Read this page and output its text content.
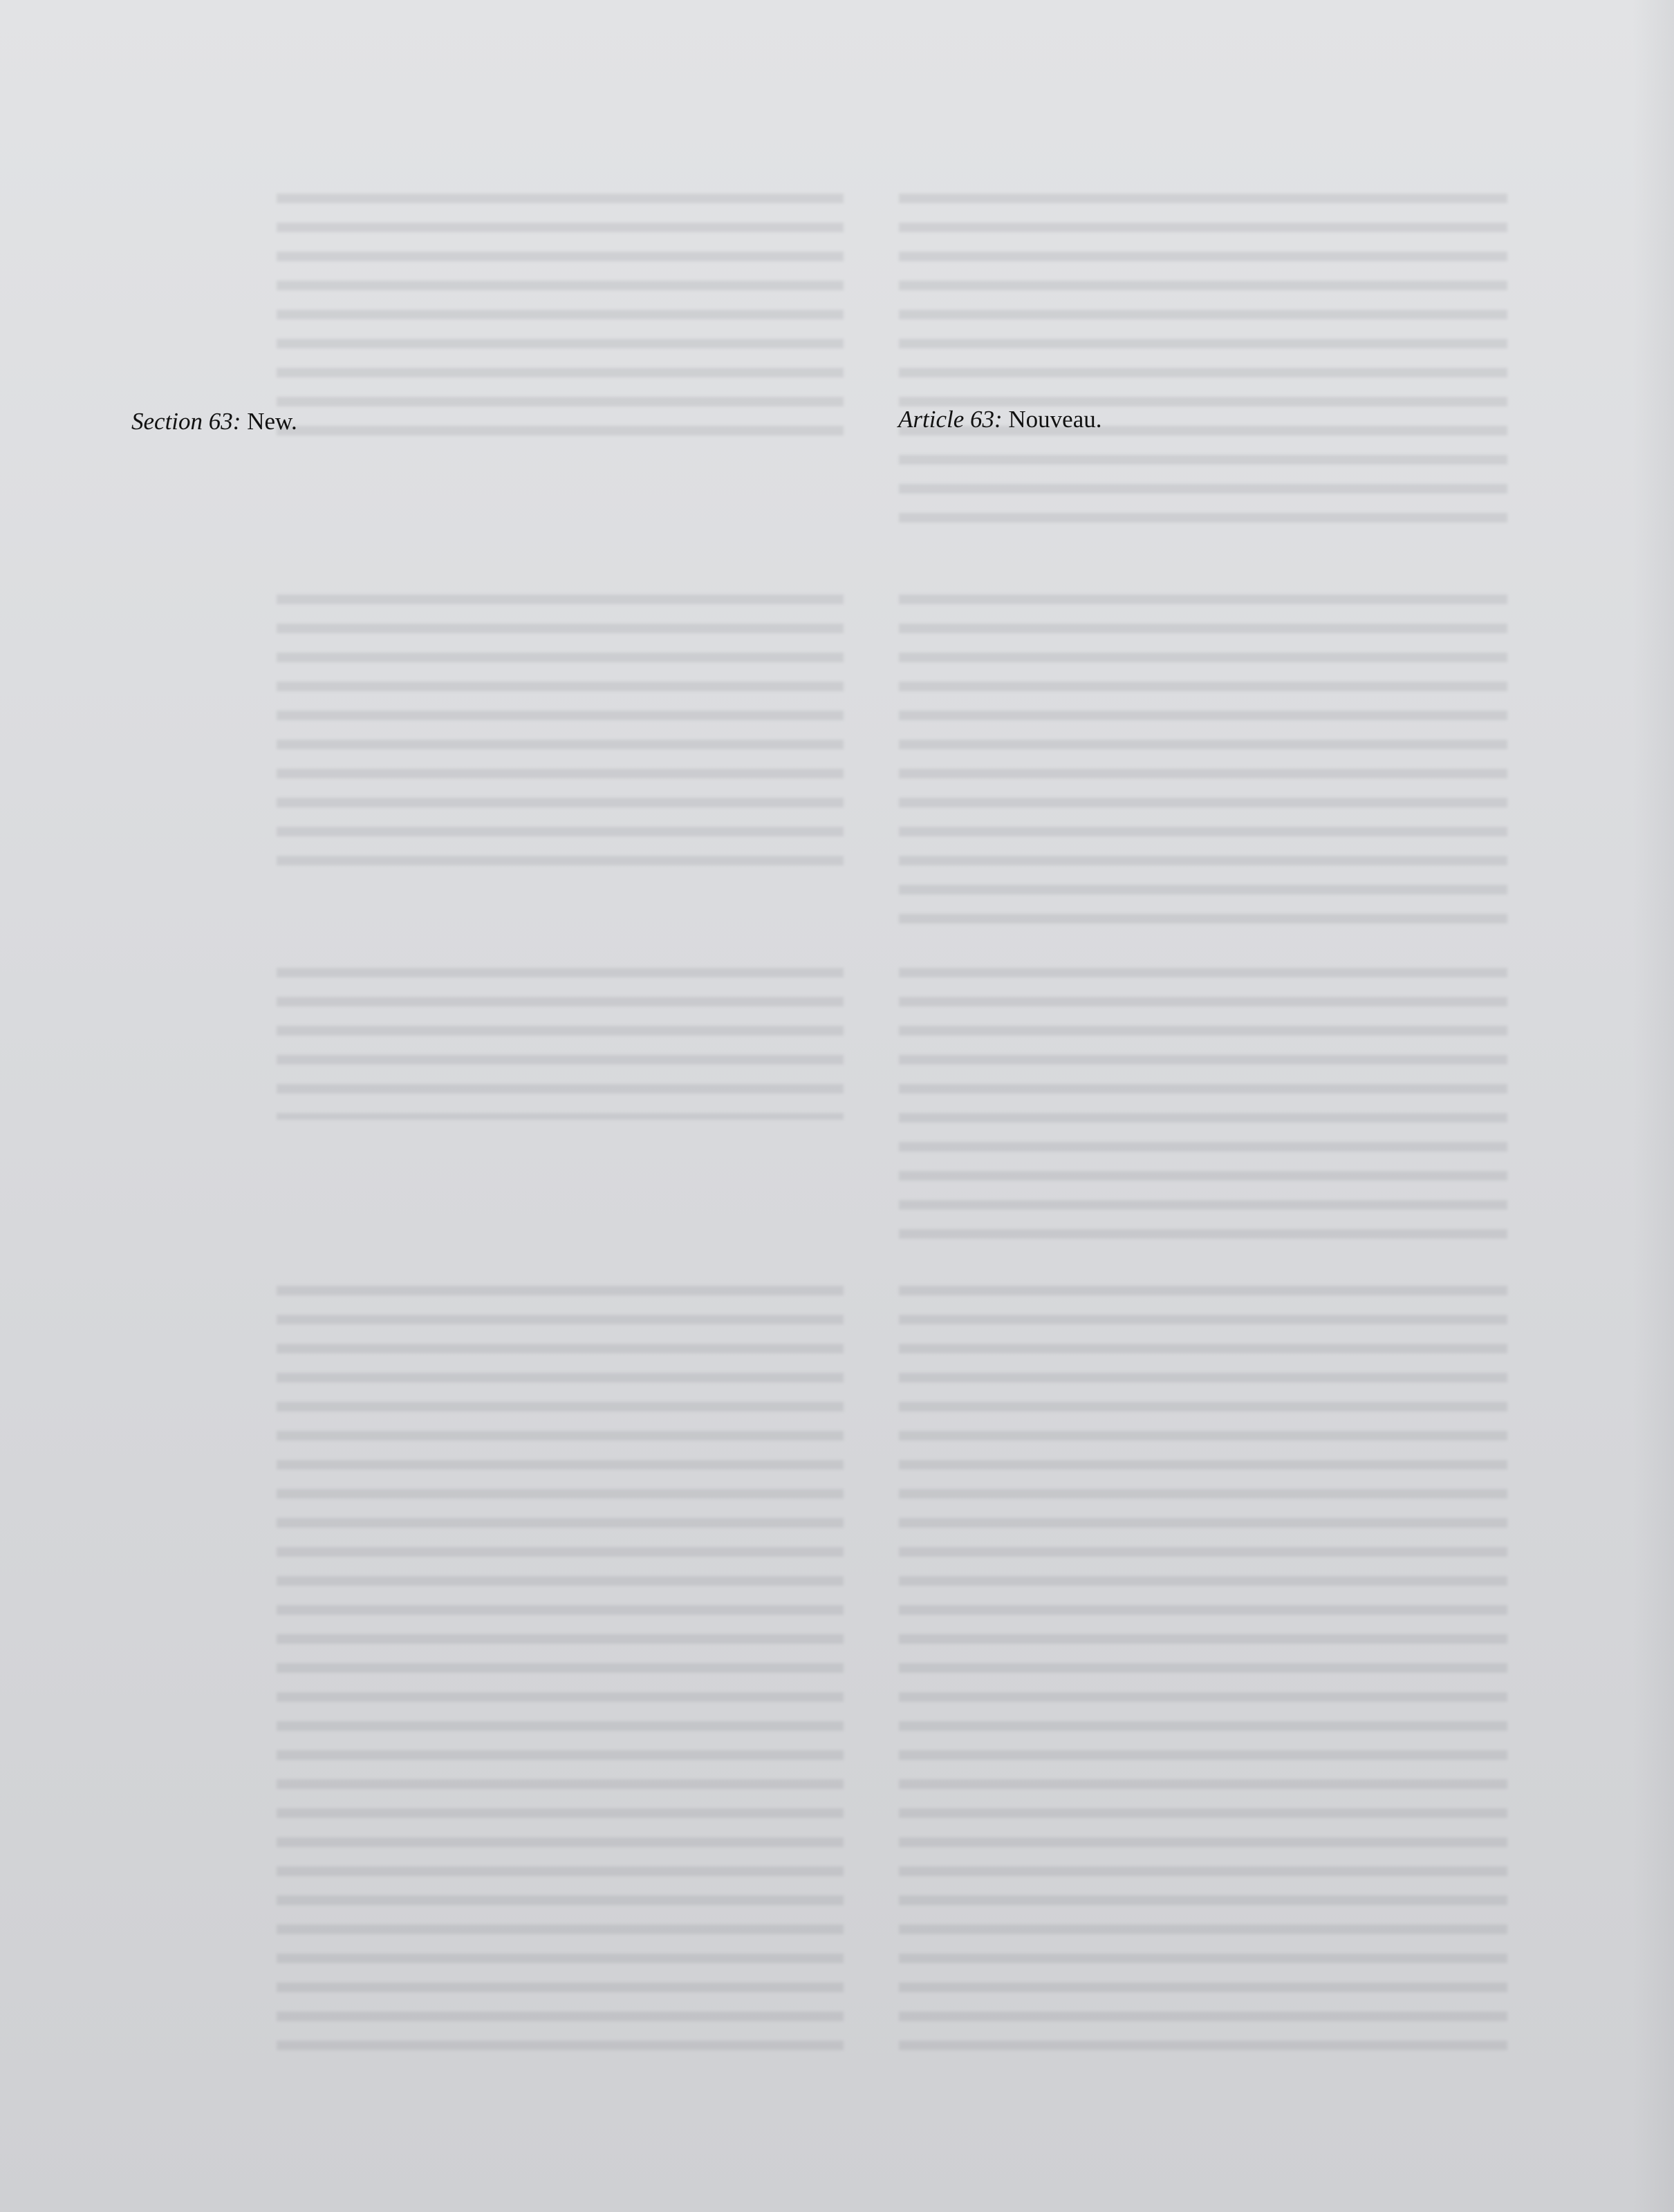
Section 63: New.	Article 63: Nouveau.
